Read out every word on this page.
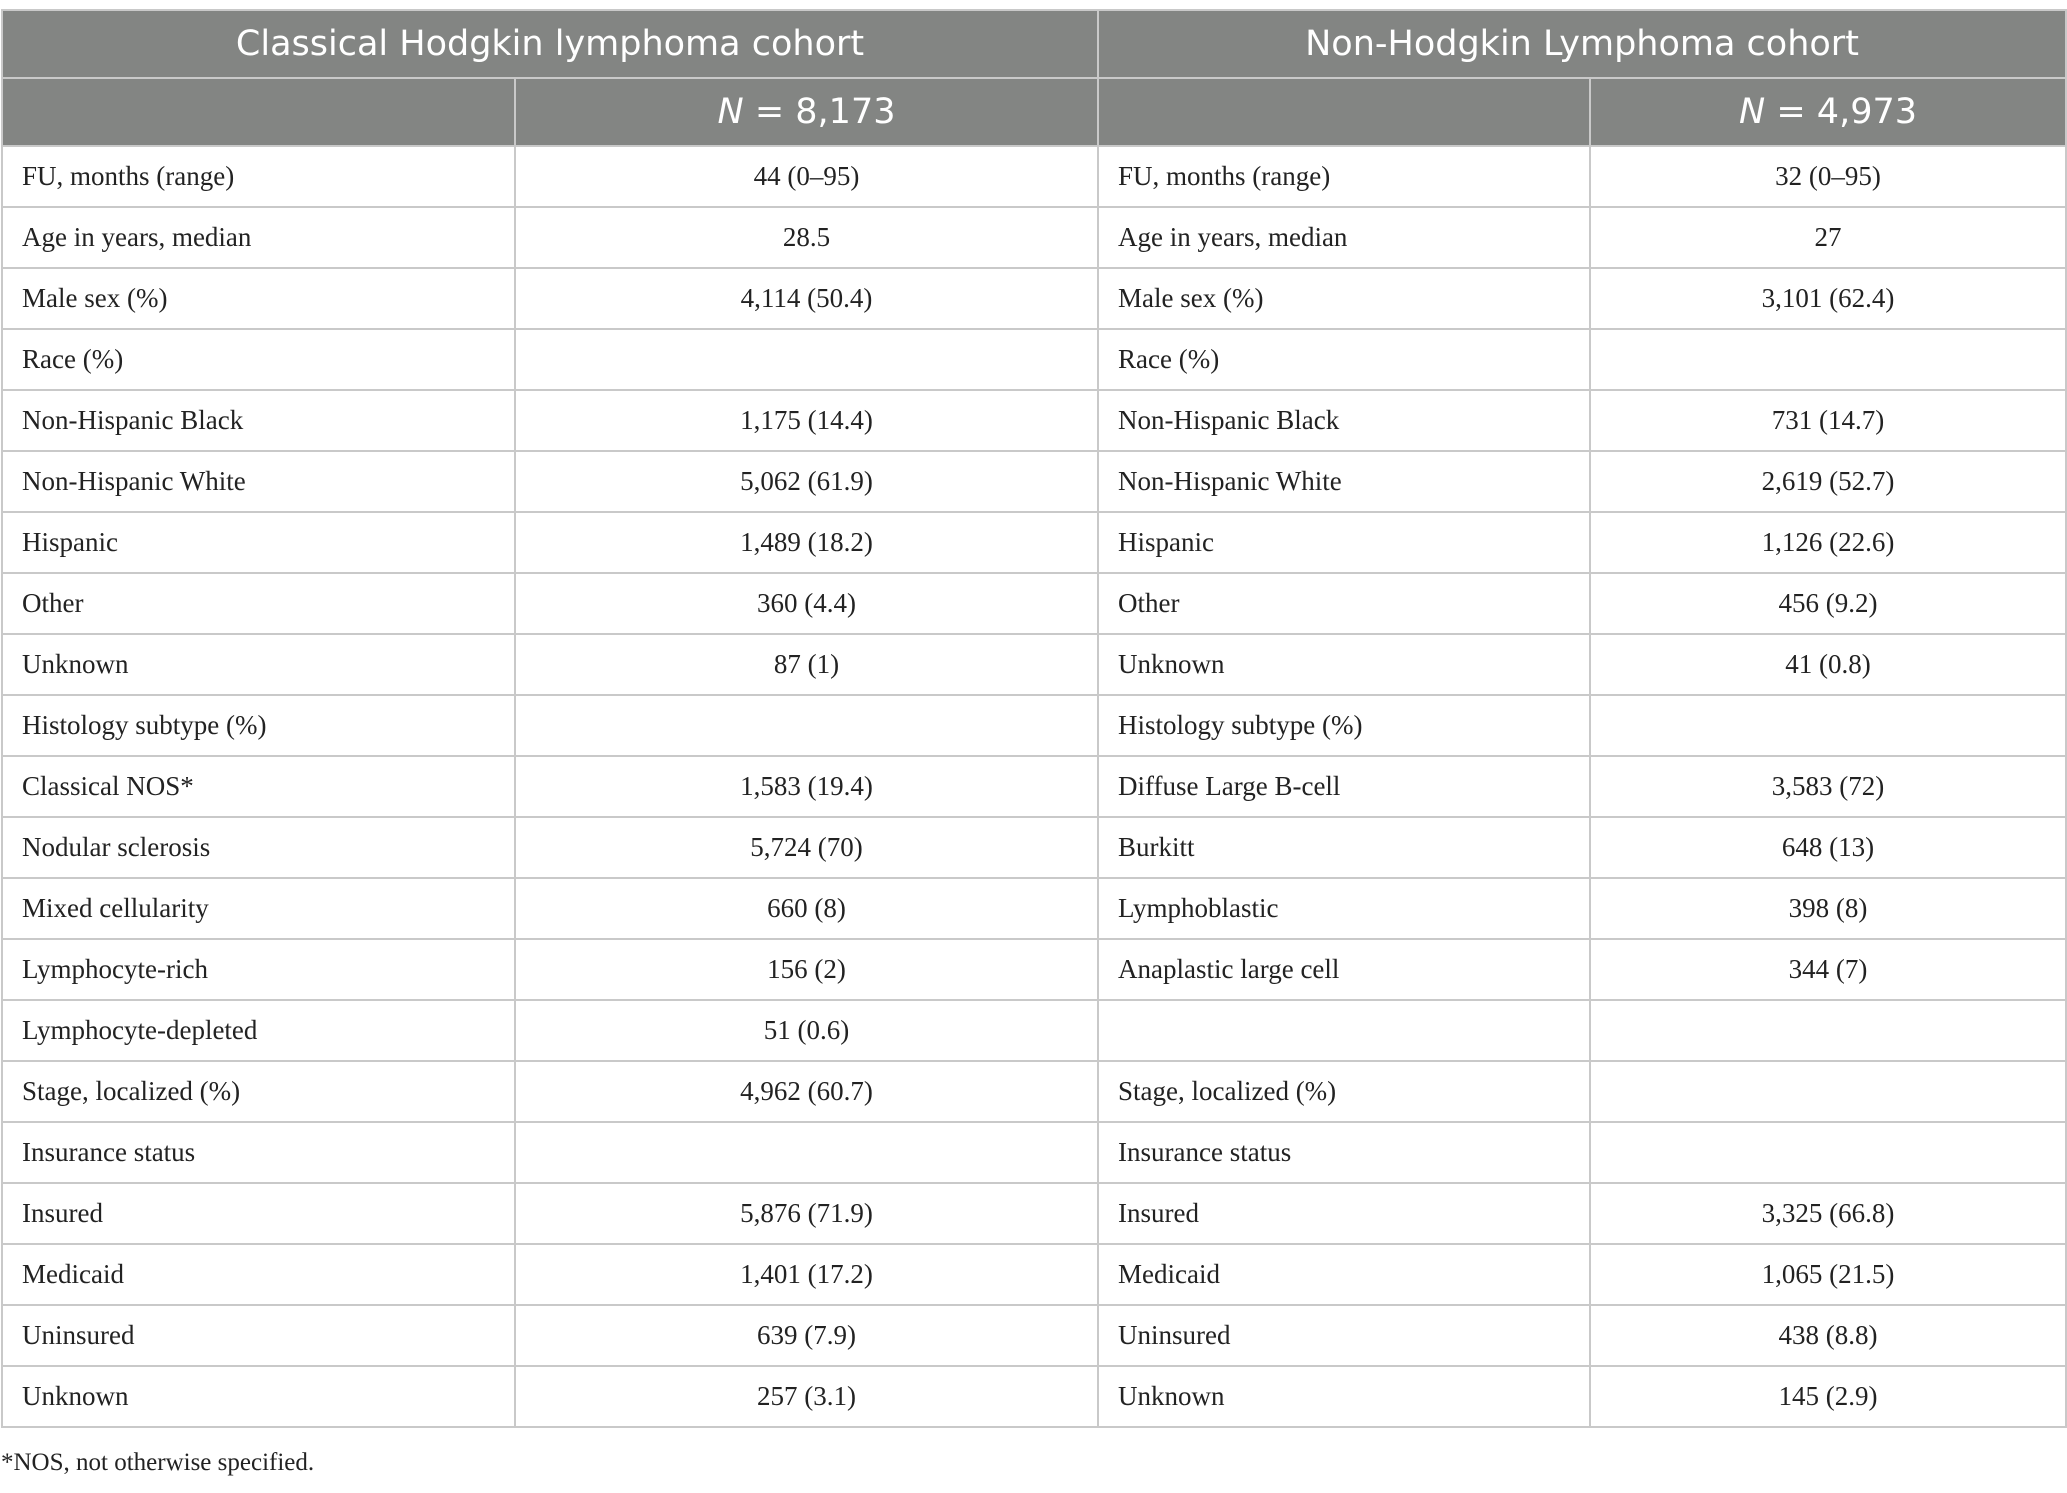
Classical Hodgkin lymphoma cohort		Non-Hodgkin Lymphoma cohort	
	N = 8,173		N = 4,973
FU, months (range)	44 (0–95)	FU, months (range)	32 (0–95)
Age in years, median	28.5	Age in years, median	27
Male sex (%)	4,114 (50.4)	Male sex (%)	3,101 (62.4)
Race (%)		Race (%)	
Non-Hispanic Black	1,175 (14.4)	Non-Hispanic Black	731 (14.7)
Non-Hispanic White	5,062 (61.9)	Non-Hispanic White	2,619 (52.7)
Hispanic	1,489 (18.2)	Hispanic	1,126 (22.6)
Other	360 (4.4)	Other	456 (9.2)
Unknown	87 (1)	Unknown	41 (0.8)
Histology subtype (%)		Histology subtype (%)	
Classical NOS*	1,583 (19.4)	Diffuse Large B-cell	3,583 (72)
Nodular sclerosis	5,724 (70)	Burkitt	648 (13)
Mixed cellularity	660 (8)	Lymphoblastic	398 (8)
Lymphocyte-rich	156 (2)	Anaplastic large cell	344 (7)
Lymphocyte-depleted	51 (0.6)		
Stage, localized (%)	4,962 (60.7)	Stage, localized (%)	
Insurance status		Insurance status	
Insured	5,876 (71.9)	Insured	3,325 (66.8)
Medicaid	1,401 (17.2)	Medicaid	1,065 (21.5)
Uninsured	639 (7.9)	Uninsured	438 (8.8)
Unknown	257 (3.1)	Unknown	145 (2.9)
*NOS, not otherwise specified.
